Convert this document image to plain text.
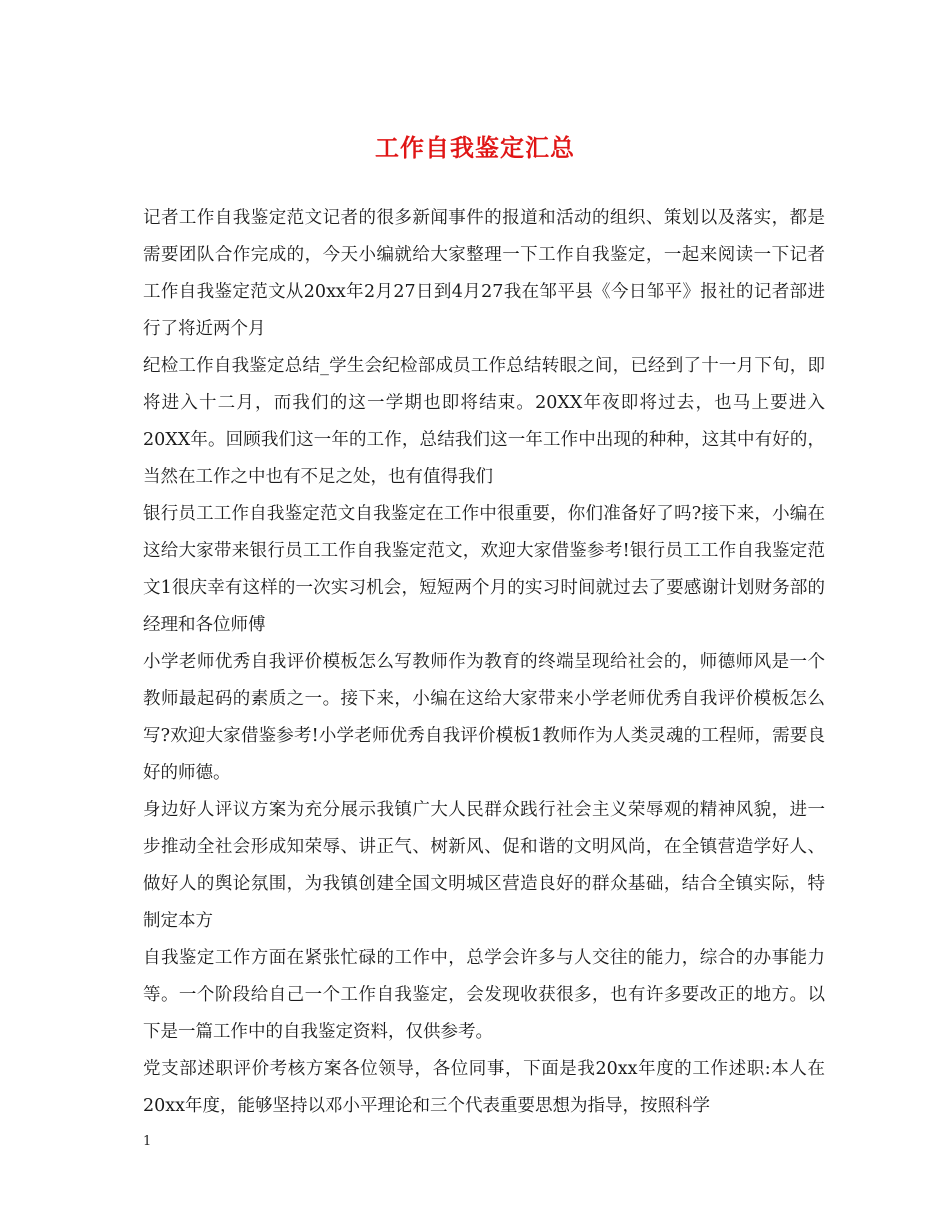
工作自我鉴定汇总

记者工作自我鉴定范文记者的很多新闻事件的报道和活动的组织、策划以及落实，都是需要团队合作完成的，今天小编就给大家整理一下工作自我鉴定，一起来阅读一下记者工作自我鉴定范文从20xx年2月27日到4月27我在邹平县《今日邹平》报社的记者部进行了将近两个月

纪检工作自我鉴定总结_学生会纪检部成员工作总结转眼之间，已经到了十一月下旬，即将进入十二月，而我们的这一学期也即将结束。20XX年夜即将过去，也马上要进入20XX年。回顾我们这一年的工作，总结我们这一年工作中出现的种种，这其中有好的，当然在工作之中也有不足之处，也有值得我们

银行员工工作自我鉴定范文自我鉴定在工作中很重要，你们准备好了吗?接下来，小编在这给大家带来银行员工工作自我鉴定范文，欢迎大家借鉴参考!银行员工工作自我鉴定范文1很庆幸有这样的一次实习机会，短短两个月的实习时间就过去了要感谢计划财务部的经理和各位师傅

小学老师优秀自我评价模板怎么写教师作为教育的终端呈现给社会的，师德师风是一个教师最起码的素质之一。接下来，小编在这给大家带来小学老师优秀自我评价模板怎么写?欢迎大家借鉴参考!小学老师优秀自我评价模板1教师作为人类灵魂的工程师，需要良好的师德。

身边好人评议方案为充分展示我镇广大人民群众践行社会主义荣辱观的精神风貌，进一步推动全社会形成知荣辱、讲正气、树新风、促和谐的文明风尚，在全镇营造学好人、做好人的舆论氛围，为我镇创建全国文明城区营造良好的群众基础，结合全镇实际，特制定本方

自我鉴定工作方面在紧张忙碌的工作中，总学会许多与人交往的能力，综合的办事能力等。一个阶段给自己一个工作自我鉴定，会发现收获很多，也有许多要改正的地方。以下是一篇工作中的自我鉴定资料，仅供参考。

党支部述职评价考核方案各位领导，各位同事，下面是我20xx年度的工作述职:本人在20xx年度，能够坚持以邓小平理论和三个代表重要思想为指导，按照科学

1
